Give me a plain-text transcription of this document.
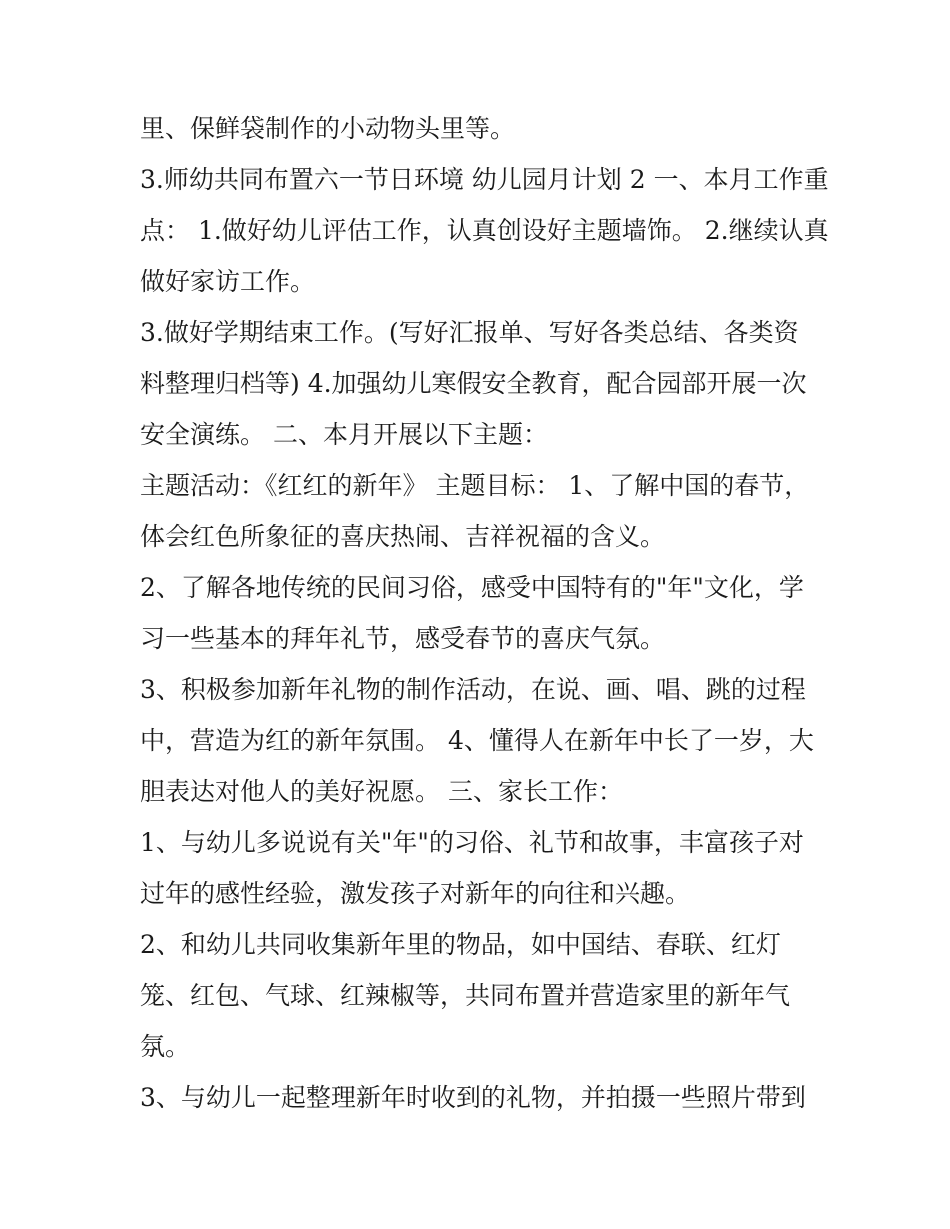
里、保鲜袋制作的小动物头里等。

3.师幼共同布置六一节日环境 幼儿园月计划 2 一、本月工作重
点： 1.做好幼儿评估工作，认真创设好主题墙饰。 2.继续认真
做好家访工作。

3.做好学期结束工作。(写好汇报单、写好各类总结、各类资
料整理归档等) 4.加强幼儿寒假安全教育，配合园部开展一次
安全演练。 二、本月开展以下主题：

主题活动：《红红的新年》 主题目标： 1、了解中国的春节，
体会红色所象征的喜庆热闹、吉祥祝福的含义。

2、了解各地传统的民间习俗，感受中国特有的"年"文化，学
习一些基本的拜年礼节，感受春节的喜庆气氛。

3、积极参加新年礼物的制作活动，在说、画、唱、跳的过程
中，营造为红的新年氛围。 4、懂得人在新年中长了一岁，大
胆表达对他人的美好祝愿。 三、家长工作：

1、与幼儿多说说有关"年"的习俗、礼节和故事，丰富孩子对
过年的感性经验，激发孩子对新年的向往和兴趣。

2、和幼儿共同收集新年里的物品，如中国结、春联、红灯
笼、红包、气球、红辣椒等，共同布置并营造家里的新年气
氛。

3、与幼儿一起整理新年时收到的礼物，并拍摄一些照片带到
